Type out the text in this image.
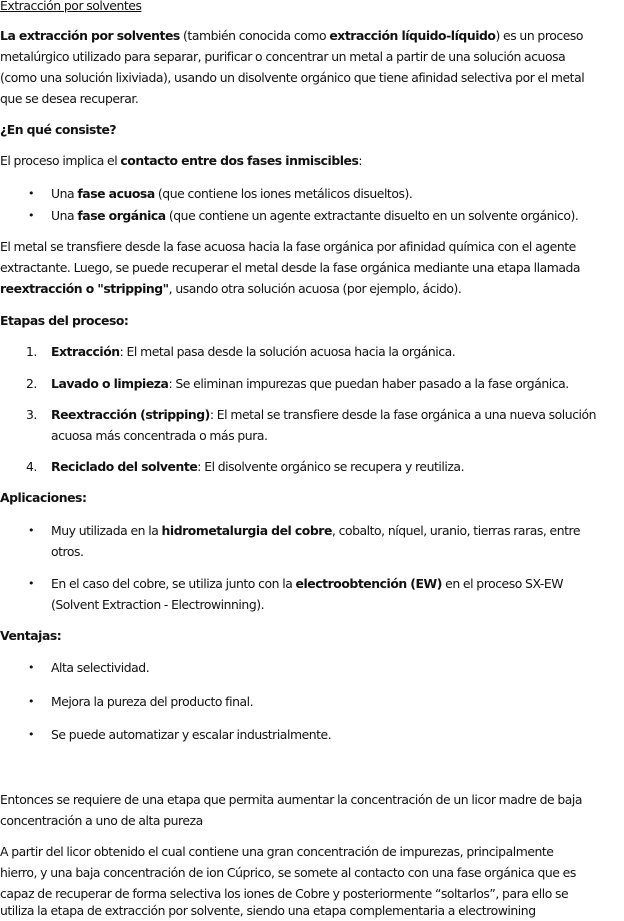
Extracción por solventes
La extracción por solventes (también conocida como extracción líquido-líquido) es un proceso
metalúrgico utilizado para separar, purificar o concentrar un metal a partir de una solución acuosa
(como una solución lixiviada), usando un disolvente orgánico que tiene afinidad selectiva por el metal
que se desea recuperar.
¿En qué consiste?
El proceso implica el contacto entre dos fases inmiscibles:
• Una fase acuosa (que contiene los iones metálicos disueltos).
• Una fase orgánica (que contiene un agente extractante disuelto en un solvente orgánico).
El metal se transfiere desde la fase acuosa hacia la fase orgánica por afinidad química con el agente
extractante. Luego, se puede recuperar el metal desde la fase orgánica mediante una etapa llamada
reextracción o "stripping", usando otra solución acuosa (por ejemplo, ácido).
Etapas del proceso:
1. Extracción: El metal pasa desde la solución acuosa hacia la orgánica.
2. Lavado o limpieza: Se eliminan impurezas que puedan haber pasado a la fase orgánica.
3. Reextracción (stripping): El metal se transfiere desde la fase orgánica a una nueva solución
acuosa más concentrada o más pura.
4. Reciclado del solvente: El disolvente orgánico se recupera y reutiliza.
Aplicaciones:
• Muy utilizada en la hidrometalurgia del cobre, cobalto, níquel, uranio, tierras raras, entre
otros.
• En el caso del cobre, se utiliza junto con la electroobtención (EW) en el proceso SX-EW
(Solvent Extraction - Electrowinning).
Ventajas:
• Alta selectividad.
• Mejora la pureza del producto final.
• Se puede automatizar y escalar industrialmente.
Entonces se requiere de una etapa que permita aumentar la concentración de un licor madre de baja
concentración a uno de alta pureza
A partir del licor obtenido el cual contiene una gran concentración de impurezas, principalmente
hierro, y una baja concentración de ion Cúprico, se somete al contacto con una fase orgánica que es
capaz de recuperar de forma selectiva los iones de Cobre y posteriormente “soltarlos”, para ello se
utiliza la etapa de extracción por solvente, siendo una etapa complementaria a electrowining
